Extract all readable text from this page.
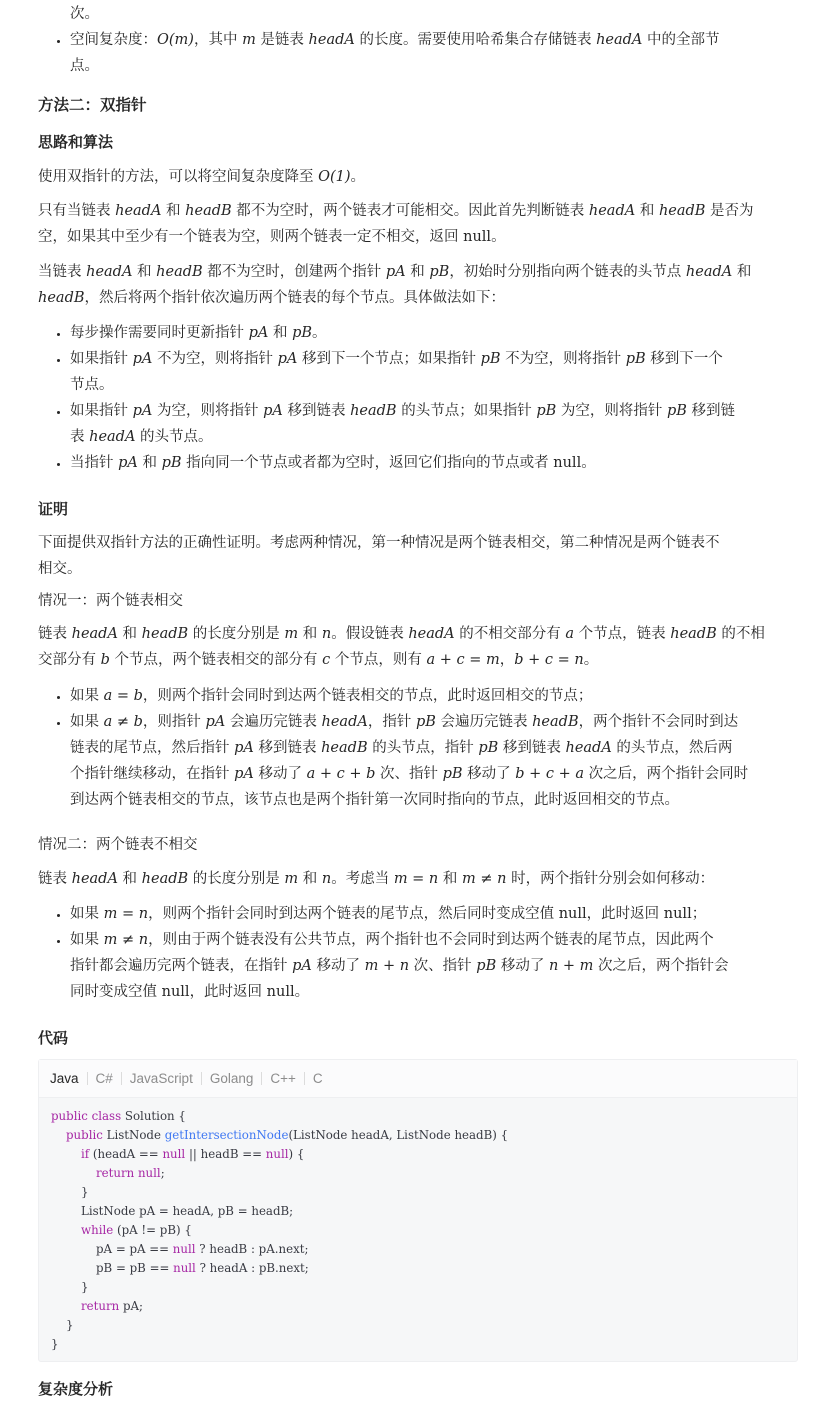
次。

• 空间复杂度：O(m)，其中 m 是链表 headA 的长度。需要使用哈希集合存储链表 headA 中的全部节
点。
方法二：双指针
思路和算法

使用双指针的方法，可以将空间复杂度降至 O(1)。

只有当链表 headA 和 headB 都不为空时，两个链表才可能相交。因此首先判断链表 headA 和 headB 是否为
空，如果其中至少有一个链表为空，则两个链表一定不相交，返回 null。

当链表 headA 和 headB 都不为空时，创建两个指针 pA 和 pB，初始时分别指向两个链表的头节点 headA 和
headB，然后将两个指针依次遍历两个链表的每个节点。具体做法如下：

• 每步操作需要同时更新指针 pA 和 pB。
• 如果指针 pA 不为空，则将指针 pA 移到下一个节点；如果指针 pB 不为空，则将指针 pB 移到下一个
节点。
• 如果指针 pA 为空，则将指针 pA 移到链表 headB 的头节点；如果指针 pB 为空，则将指针 pB 移到链
表 headA 的头节点。
• 当指针 pA 和 pB 指向同一个节点或者都为空时，返回它们指向的节点或者 null。
证明

下面提供双指针方法的正确性证明。考虑两种情况，第一种情况是两个链表相交，第二种情况是两个链表不
相交。

情况一：两个链表相交

链表 headA 和 headB 的长度分别是 m 和 n。假设链表 headA 的不相交部分有 a 个节点，链表 headB 的不相
交部分有 b 个节点，两个链表相交的部分有 c 个节点，则有 a + c = m，b + c = n。

• 如果 a = b，则两个指针会同时到达两个链表相交的节点，此时返回相交的节点；
• 如果 a ≠ b，则指针 pA 会遍历完链表 headA，指针 pB 会遍历完链表 headB，两个指针不会同时到达
链表的尾节点，然后指针 pA 移到链表 headB 的头节点，指针 pB 移到链表 headA 的头节点，然后两
个指针继续移动，在指针 pA 移动了 a + c + b 次、指针 pB 移动了 b + c + a 次之后，两个指针会同时
到达两个链表相交的节点，该节点也是两个指针第一次同时指向的节点，此时返回相交的节点。

情况二：两个链表不相交

链表 headA 和 headB 的长度分别是 m 和 n。考虑当 m = n 和 m ≠ n 时，两个指针分别会如何移动：

• 如果 m = n，则两个指针会同时到达两个链表的尾节点，然后同时变成空值 null，此时返回 null；
• 如果 m ≠ n，则由于两个链表没有公共节点，两个指针也不会同时到达两个链表的尾节点，因此两个
指针都会遍历完两个链表，在指针 pA 移动了 m + n 次、指针 pB 移动了 n + m 次之后，两个指针会
同时变成空值 null，此时返回 null。
代码
复杂度分析
Java	C#	JavaScript	Golang	C++	C
public class Solution {
public ListNode getIntersectionNode(ListNode headA, ListNode headB) {
if (headA == null || headB == null) {
return null;
}
ListNode pA = headA, pB = headB;
while (pA != pB) {
pA = pA == null ? headB : pA.next;
pB = pB == null ? headA : pB.next;
}
return pA;
}
}
